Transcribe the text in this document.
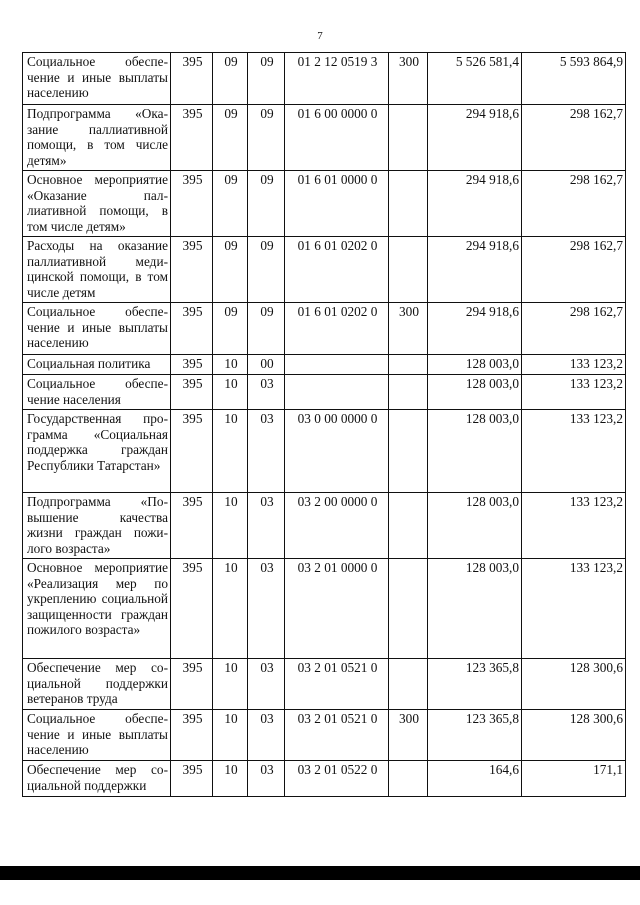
7
Социальное обеспечение и иные выплаты населению	395	09	09	01 2 12 0519 3	300	5 526 581,4	5 593 864,9
Подпрограмма «Оказание паллиативной помощи, в том числе детям»	395	09	09	01 6 00 0000 0		294 918,6	298 162,7
Основное мероприятие «Оказание паллиативной помощи, в том числе детям»	395	09	09	01 6 01 0000 0		294 918,6	298 162,7
Расходы на оказание паллиативной медицинской помощи, в том числе детям	395	09	09	01 6 01 0202 0		294 918,6	298 162,7
Социальное обеспечение и иные выплаты населению	395	09	09	01 6 01 0202 0	300	294 918,6	298 162,7
Социальная политика	395	10	00			128 003,0	133 123,2
Социальное обеспечение населения	395	10	03			128 003,0	133 123,2
Государственная программа «Социальная поддержка граждан Республики Татарстан»	395	10	03	03 0 00 0000 0		128 003,0	133 123,2
Подпрограмма «Повышение качества жизни граждан пожилого возраста»	395	10	03	03 2 00 0000 0		128 003,0	133 123,2
Основное мероприятие «Реализация мер по укреплению социальной защищенности граждан пожилого возраста»	395	10	03	03 2 01 0000 0		128 003,0	133 123,2
Обеспечение мер социальной поддержки ветеранов труда	395	10	03	03 2 01 0521 0		123 365,8	128 300,6
Социальное обеспечение и иные выплаты населению	395	10	03	03 2 01 0521 0	300	123 365,8	128 300,6
Обеспечение мер социальной поддержки	395	10	03	03 2 01 0522 0		164,6	171,1
